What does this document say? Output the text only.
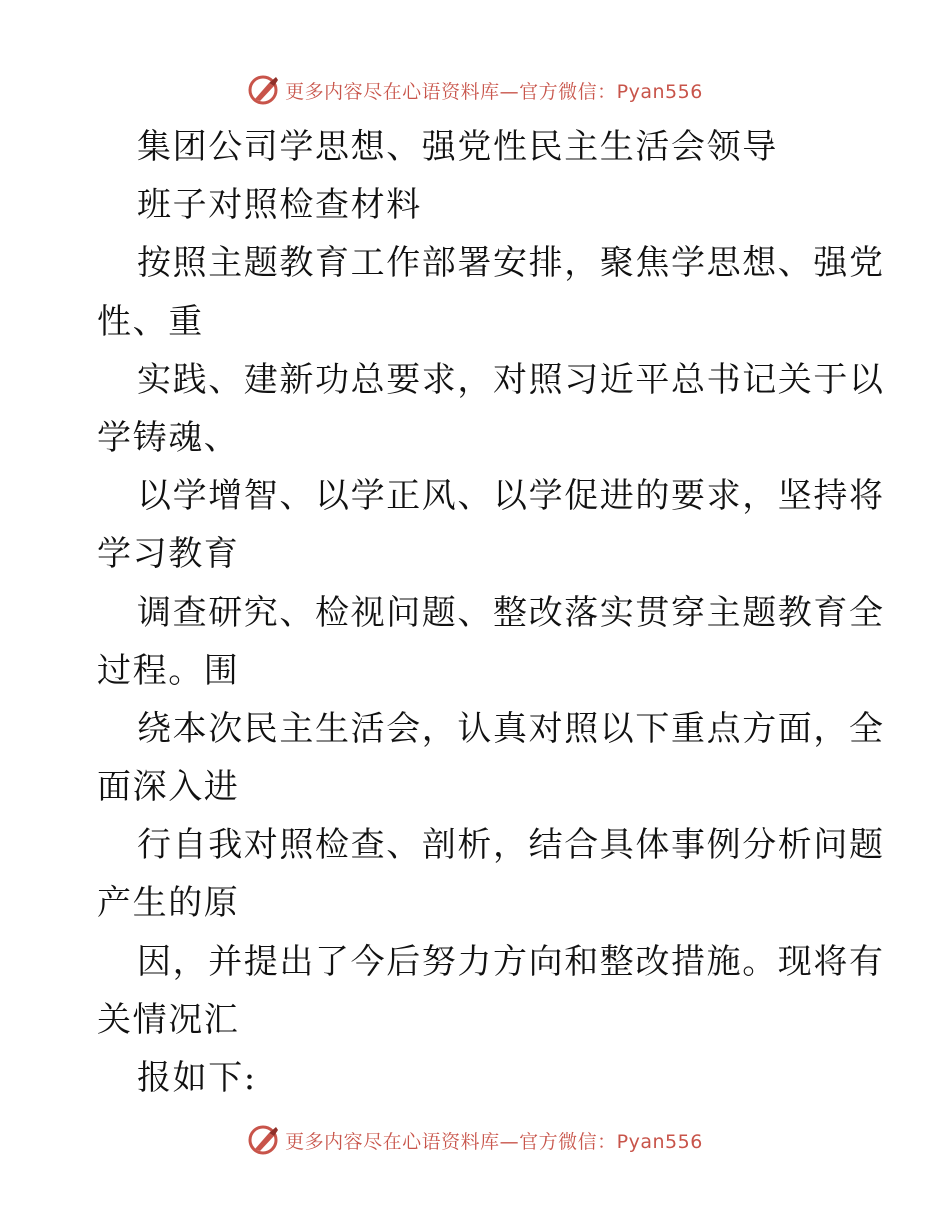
更多内容尽在心语资料库—官方微信：Pyan556
集团公司学思想、强党性民主生活会领导
班子对照检查材料
按照主题教育工作部署安排，聚焦学思想、强党
性、重
实践、建新功总要求，对照习近平总书记关于以
学铸魂、
以学增智、以学正风、以学促进的要求，坚持将
学习教育
调查研究、检视问题、整改落实贯穿主题教育全
过程。围
绕本次民主生活会，认真对照以下重点方面，全
面深入进
行自我对照检查、剖析，结合具体事例分析问题
产生的原
因，并提出了今后努力方向和整改措施。现将有
关情况汇
报如下:
更多内容尽在心语资料库—官方微信：Pyan556
